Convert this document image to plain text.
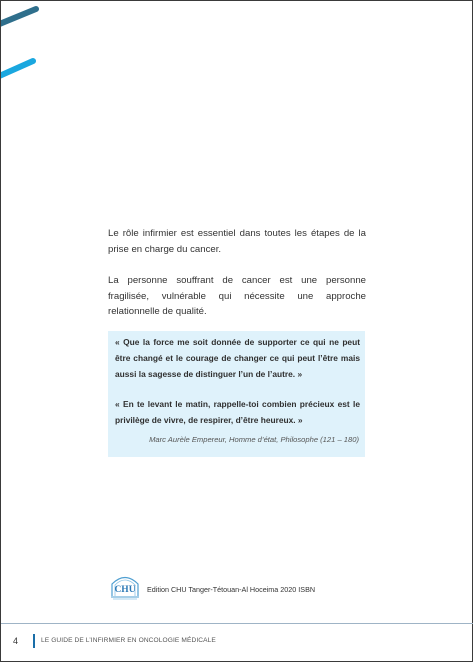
Le rôle infirmier est essentiel dans toutes les étapes de la prise en charge du cancer.
La personne souffrant de cancer est une personne fragilisée, vulnérable qui nécessite une approche relationnelle de qualité.
« Que la force me soit donnée de supporter ce qui ne peut être changé et le courage de changer ce qui peut l’être mais aussi la sagesse de distinguer l’un de l’autre. »
« En te levant le matin, rappelle-toi combien précieux est le privilège de vivre, de respirer, d’être heureux. »
Marc Aurèle Empereur, Homme d’état, Philosophe (121 – 180)
CHU Edition CHU Tanger-Tétouan-Al Hoceima 2020 ISBN
4	LE GUIDE DE L’INFIRMIER EN ONCOLOGIE MÉDICALE
